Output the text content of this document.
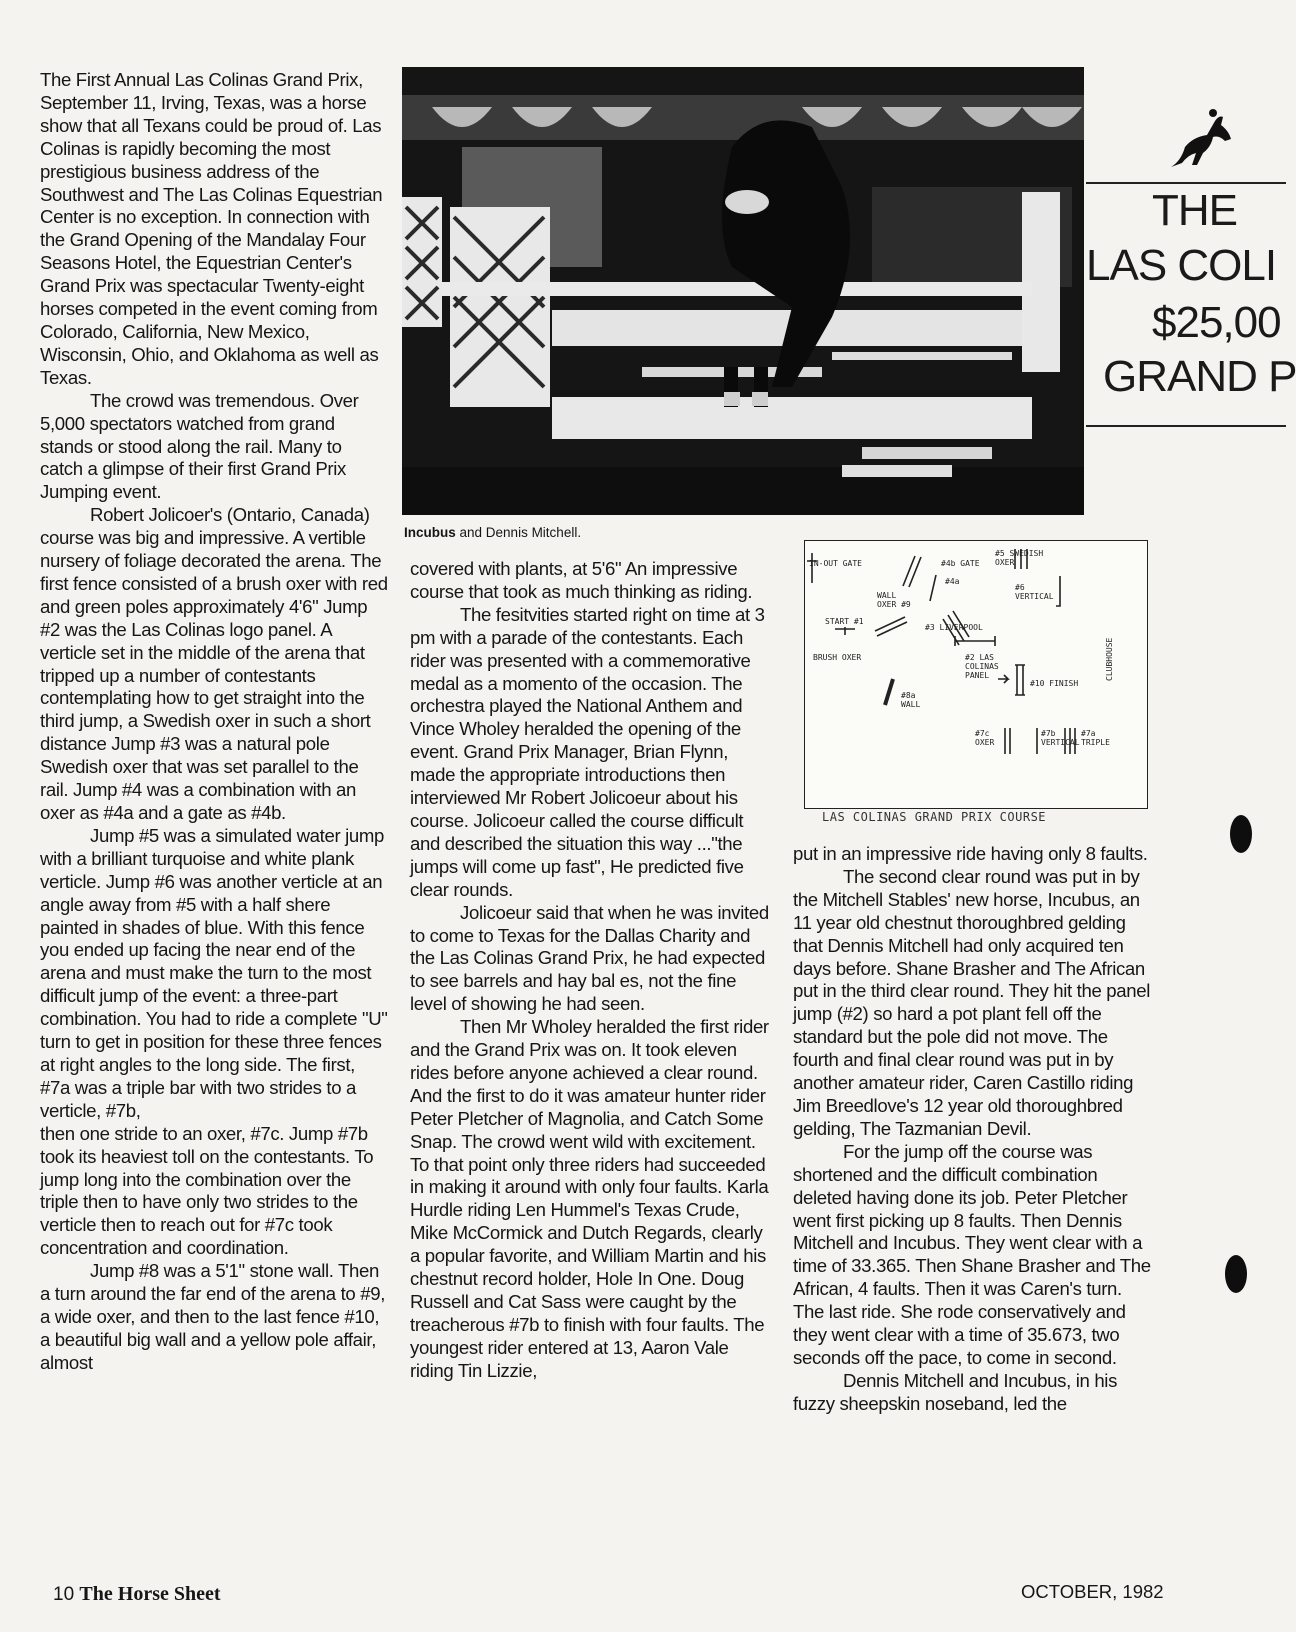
The First Annual Las Colinas Grand Prix, September 11, Irving, Texas, was a horse show that all Texans could be proud of. Las Colinas is rapidly becoming the most prestigious business address of the Southwest and The Las Colinas Equestrian Center is no exception. In connection with the Grand Opening of the Mandalay Four Seasons Hotel, the Equestrian Center's Grand Prix was spectacular Twenty-eight horses competed in the event coming from Colorado, California, New Mexico, Wisconsin, Ohio, and Oklahoma as well as Texas.

The crowd was tremendous. Over 5,000 spectators watched from grand stands or stood along the rail. Many to catch a glimpse of their first Grand Prix Jumping event.

Robert Jolicoer's (Ontario, Canada) course was big and impressive. A vertible nursery of foliage decorated the arena. The first fence consisted of a brush oxer with red and green poles approximately 4'6" Jump #2 was the Las Colinas logo panel. A verticle set in the middle of the arena that tripped up a number of contestants contemplating how to get straight into the third jump, a Swedish oxer in such a short distance Jump #3 was a natural pole Swedish oxer that was set parallel to the rail. Jump #4 was a combination with an oxer as #4a and a gate as #4b.

Jump #5 was a simulated water jump with a brilliant turquoise and white plank verticle. Jump #6 was another verticle at an angle away from #5 with a half shere painted in shades of blue. With this fence you ended up facing the near end of the arena and must make the turn to the most difficult jump of the event: a three-part combination. You had to ride a complete "U" turn to get in position for these three fences at right angles to the long side. The first, #7a was a triple bar with two strides to a verticle, #7b,

then one stride to an oxer, #7c. Jump #7b took its heaviest toll on the contestants. To jump long into the combination over the triple then to have only two strides to the verticle then to reach out for #7c took concentration and coordination.

Jump #8 was a 5'1" stone wall. Then a turn around the far end of the arena to #9, a wide oxer, and then to the last fence #10, a beautiful big wall and a yellow pole affair, almost

Incubus and Dennis Mitchell.
THE
LAS COLI
$25,00
GRAND P
IN-OUT GATE
START #1
BRUSH OXER
#5 SWEDISH OXER
#6 VERTICAL
#4b GATE
#4a
WALL OXER #9
#3 LIVERPOOL
#2 LAS COLINAS PANEL
#10 FINISH
#8a WALL
#7c OXER
#7b VERTICAL
#7a TRIPLE
CLUBHOUSE
LAS COLINAS GRAND PRIX COURSE

covered with plants, at 5'6" An impressive course that took as much thinking as riding.

The fesitvities started right on time at 3 pm with a parade of the contestants. Each rider was presented with a commemorative medal as a momento of the occasion. The orchestra played the National Anthem and Vince Wholey heralded the opening of the event. Grand Prix Manager, Brian Flynn, made the appropriate introductions then interviewed Mr Robert Jolicoeur about his course. Jolicoeur called the course difficult and described the situation this way ..."the jumps will come up fast", He predicted five clear rounds.

Jolicoeur said that when he was invited to come to Texas for the Dallas Charity and the Las Colinas Grand Prix, he had expected to see barrels and hay bal es, not the fine level of showing he had seen.

Then Mr Wholey heralded the first rider and the Grand Prix was on. It took eleven rides before anyone achieved a clear round. And the first to do it was amateur hunter rider Peter Pletcher of Magnolia, and Catch Some Snap. The crowd went wild with excitement. To that point only three riders had succeeded in making it around with only four faults. Karla Hurdle riding Len Hummel's Texas Crude, Mike McCormick and Dutch Regards, clearly a popular favorite, and William Martin and his chestnut record holder, Hole In One. Doug Russell and Cat Sass were caught by the treacherous #7b to finish with four faults. The youngest rider entered at 13, Aaron Vale riding Tin Lizzie,

put in an impressive ride having only 8 faults.

The second clear round was put in by the Mitchell Stables' new horse, Incubus, an 11 year old chestnut thoroughbred gelding that Dennis Mitchell had only acquired ten days before. Shane Brasher and The African put in the third clear round. They hit the panel jump (#2) so hard a pot plant fell off the standard but the pole did not move. The fourth and final clear round was put in by another amateur rider, Caren Castillo riding Jim Breedlove's 12 year old thoroughbred gelding, The Tazmanian Devil.

For the jump off the course was shortened and the difficult combination deleted having done its job. Peter Pletcher went first picking up 8 faults. Then Dennis Mitchell and Incubus. They went clear with a time of 33.365. Then Shane Brasher and The African, 4 faults. Then it was Caren's turn. The last ride. She rode conservatively and they went clear with a time of 35.673, two seconds off the pace, to come in second.

Dennis Mitchell and Incubus, in his fuzzy sheepskin noseband, led the

10 The Horse Sheet	OCTOBER, 1982
